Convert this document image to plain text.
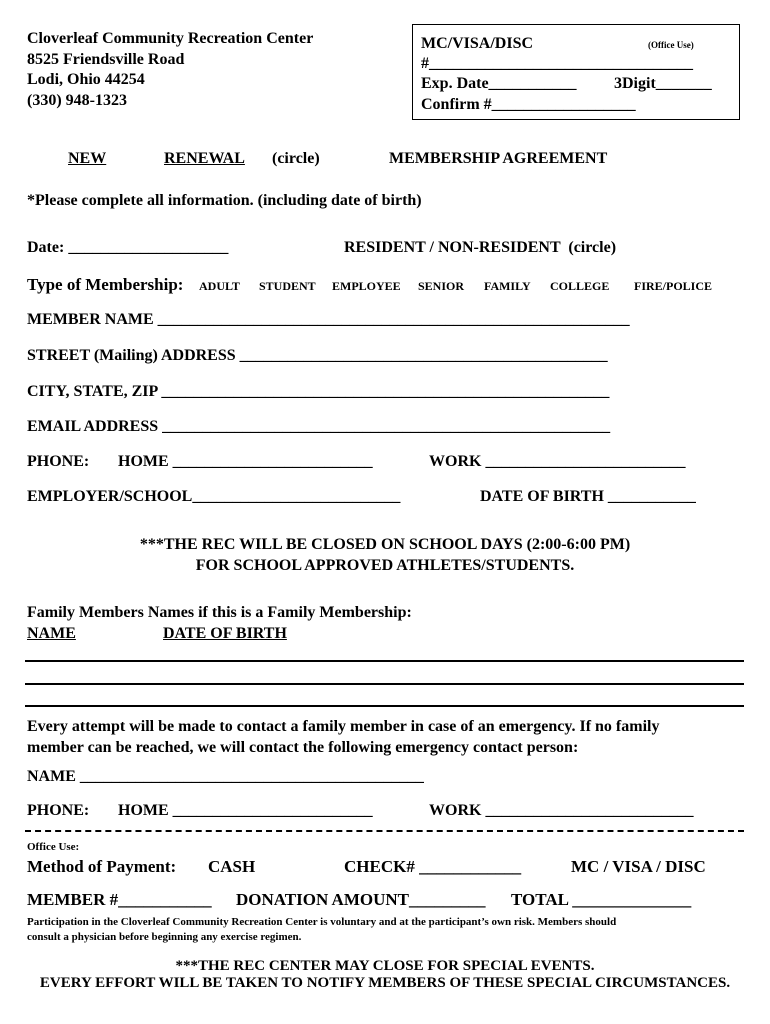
Cloverleaf Community Recreation Center
8525 Friendsville Road
Lodi, Ohio 44254
(330) 948-1323
MC/VISA/DISC	(Office Use)
#_________________________________
Exp. Date___________ 3Digit_______
Confirm #__________________
NEW	RENEWAL (circle)	MEMBERSHIP AGREEMENT
*Please complete all information. (including date of birth)
Date: ____________________	RESIDENT / NON-RESIDENT  (circle)
Type of Membership: ADULT STUDENT EMPLOYEE SENIOR FAMILY COLLEGE FIRE/POLICE
MEMBER NAME ___________________________________________________________
STREET (Mailing) ADDRESS ______________________________________________
CITY, STATE, ZIP ________________________________________________________
EMAIL ADDRESS ________________________________________________________
PHONE: HOME _________________________	WORK _________________________
EMPLOYER/SCHOOL__________________________	DATE OF BIRTH ___________
***THE REC WILL BE CLOSED ON SCHOOL DAYS (2:00-6:00 PM)
FOR SCHOOL APPROVED ATHLETES/STUDENTS.
Family Members Names if this is a Family Membership:
NAME	DATE OF BIRTH
Every attempt will be made to contact a family member in case of an emergency. If no family
member can be reached, we will contact the following emergency contact person:
NAME ___________________________________________
PHONE: HOME _________________________	WORK __________________________
Office Use:
Method of Payment: CASH	CHECK# ____________	MC / VISA / DISC
MEMBER #___________ DONATION AMOUNT_________ TOTAL ______________
Participation in the Cloverleaf Community Recreation Center is voluntary and at the participant’s own risk. Members should
consult a physician before beginning any exercise regimen.
***THE REC CENTER MAY CLOSE FOR SPECIAL EVENTS.
EVERY EFFORT WILL BE TAKEN TO NOTIFY MEMBERS OF THESE SPECIAL CIRCUMSTANCES.
